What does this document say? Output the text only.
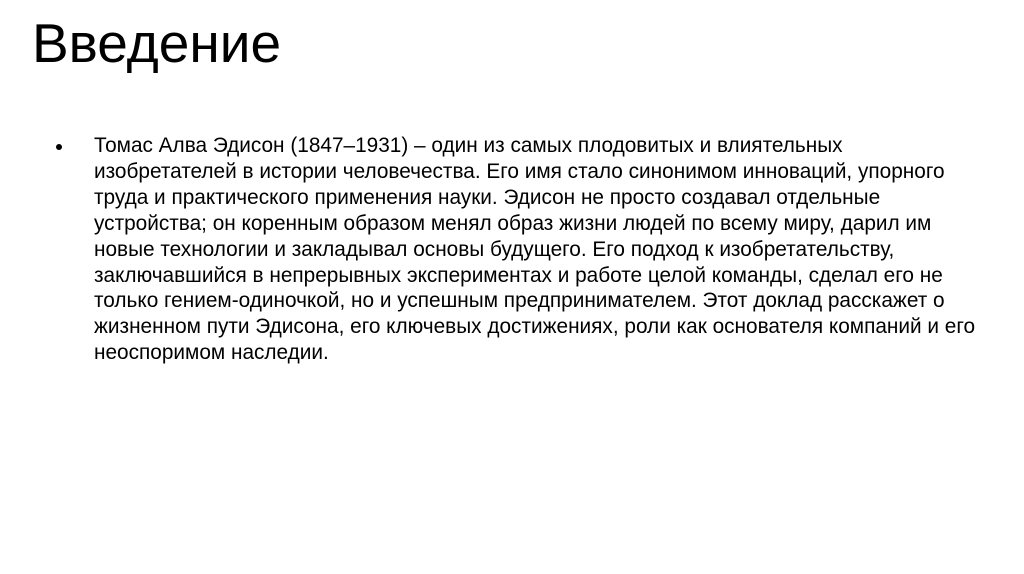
Введение
Томас Алва Эдисон (1847–1931) – один из самых плодовитых и влиятельных изобретателей в истории человечества. Его имя стало синонимом инноваций, упорного труда и практического применения науки. Эдисон не просто создавал отдельные устройства; он коренным образом менял образ жизни людей по всему миру, дарил им новые технологии и закладывал основы будущего. Его подход к изобретательству, заключавшийся в непрерывных экспериментах и работе целой команды, сделал его не только гением-одиночкой, но и успешным предпринимателем. Этот доклад расскажет о жизненном пути Эдисона, его ключевых достижениях, роли как основателя компаний и его неоспоримом наследии.
